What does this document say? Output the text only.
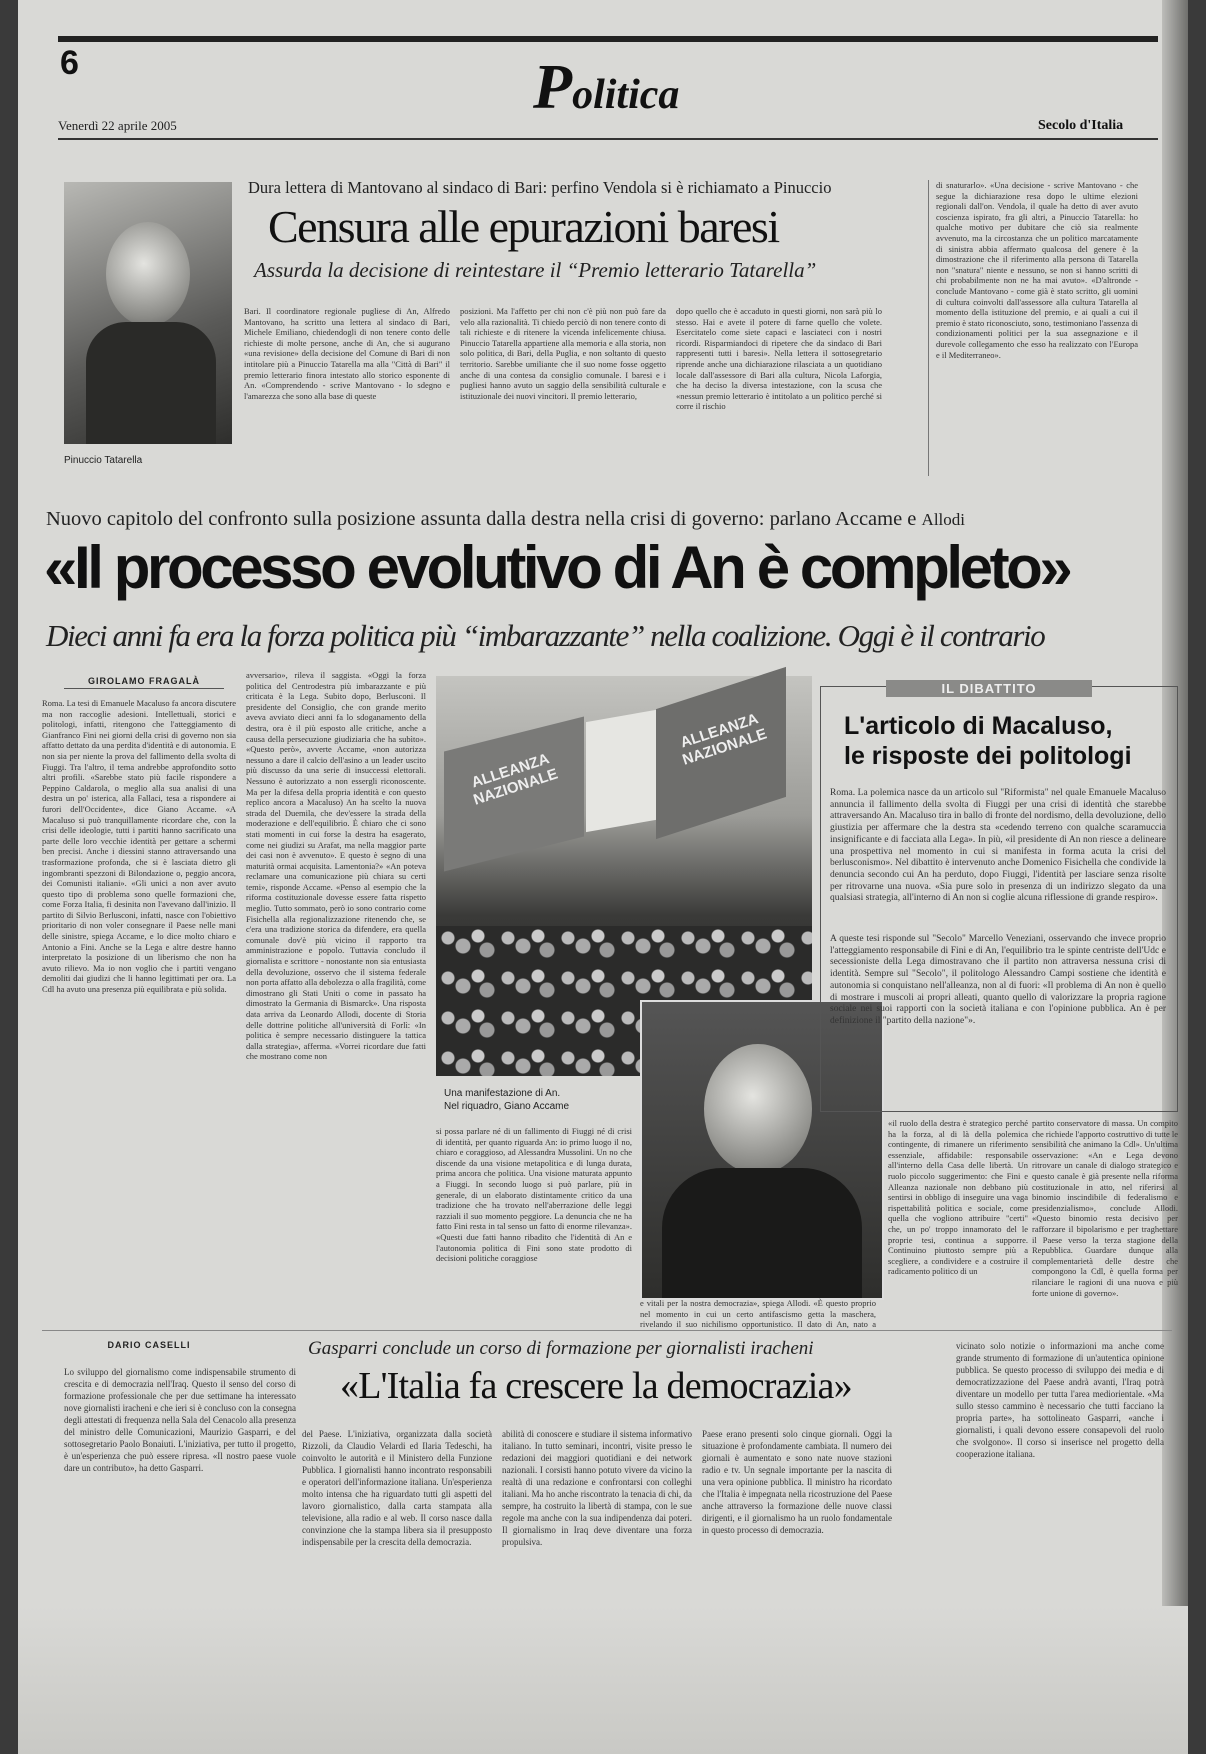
6	Politica
Venerdì 22 aprile 2005	Secolo d'Italia
Pinuccio Tatarella
Dura lettera di Mantovano al sindaco di Bari: perfino Vendola si è richiamato a Pinuccio
Censura alle epurazioni baresi
Assurda la decisione di reintestare il “Premio letterario Tatarella”
Bari. Il coordinatore regionale pugliese di An, Alfredo Mantovano, ha scritto una lettera al sindaco di Bari, Michele Emiliano, chiedendogli di non tenere conto delle richieste di molte persone, anche di An, che si augurano «una revisione» della decisione del Comune di Bari di non intitolare più a Pinuccio Tatarella ma alla "Città di Bari" il premio letterario finora intestato allo storico esponente di An. «Comprendendo - scrive Mantovano - lo sdegno e l'amarezza che sono alla base di queste
posizioni. Ma l'affetto per chi non c'è più non può fare da velo alla razionalità. Ti chiedo perciò di non tenere conto di tali richieste e di ritenere la vicenda infelicemente chiusa. Pinuccio Tatarella appartiene alla memoria e alla storia, non solo politica, di Bari, della Puglia, e non soltanto di questo territorio. Sarebbe umiliante che il suo nome fosse oggetto anche di una contesa da consiglio comunale. I baresi e i pugliesi hanno avuto un saggio della sensibilità culturale e istituzionale dei nuovi vincitori. Il premio letterario,
dopo quello che è accaduto in questi giorni, non sarà più lo stesso. Hai e avete il potere di farne quello che volete. Esercitatelo come siete capaci e lasciateci con i nostri ricordi. Risparmiandoci di ripetere che da sindaco di Bari rappresenti tutti i baresi». Nella lettera il sottosegretario riprende anche una dichiarazione rilasciata a un quotidiano locale dall'assessore di Bari alla cultura, Nicola Laforgia, che ha deciso la diversa intestazione, con la scusa che «nessun premio letterario è intitolato a un politico perché si corre il rischio
di snaturarlo». «Una decisione - scrive Mantovano - che segue la dichiarazione resa dopo le ultime elezioni regionali dall'on. Vendola, il quale ha detto di aver avuto coscienza ispirato, fra gli altri, a Pinuccio Tatarella: ho qualche motivo per dubitare che ciò sia realmente avvenuto, ma la circostanza che un politico marcatamente di sinistra abbia affermato qualcosa del genere è la dimostrazione che il riferimento alla persona di Tatarella non "snatura" niente e nessuno, se non si hanno scritti di chi probabilmente non ne ha mai avuto». «D'altronde - conclude Mantovano - come già è stato scritto, gli uomini di cultura coinvolti dall'assessore alla cultura Tatarella al momento della istituzione del premio, e ai quali a cui il premio è stato riconosciuto, sono, testimoniano l'assenza di condizionamenti politici per la sua assegnazione e il durevole collegamento che esso ha realizzato con l'Europa e il Mediterraneo».
Nuovo capitolo del confronto sulla posizione assunta dalla destra nella crisi di governo: parlano Accame e Allodi
«Il processo evolutivo di An è completo»
Dieci anni fa era la forza politica più “imbarazzante” nella coalizione. Oggi è il contrario
GIROLAMO FRAGALÀ
Roma. La tesi di Emanuele Macaluso fa ancora discutere ma non raccoglie adesioni. Intellettuali, storici e politologi, infatti, ritengono che l'atteggiamento di Gianfranco Fini nei giorni della crisi di governo non sia affatto dettato da una perdita d'identità e di autonomia. E non sia per niente la prova del fallimento della svolta di Fiuggi. Tra l'altro, il tema andrebbe approfondito sotto altri profili. «Sarebbe stato più facile rispondere a Peppino Caldarola, o meglio alla sua analisi di una destra un po' isterica, alla Fallaci, tesa a rispondere ai furori dell'Occidente», dice Giano Accame. «A Macaluso si può tranquillamente ricordare che, con la crisi delle ideologie, tutti i partiti hanno sacrificato una parte delle loro vecchie identità per gettare a schermi ben precisi. Anche i diessini stanno attraversando una trasformazione profonda, che si è lasciata dietro gli ingombranti spezzoni di Bilondazione o, peggio ancora, dei Comunisti italiani». «Gli unici a non aver avuto questo tipo di problema sono quelle formazioni che, come Forza Italia, fi desinita non l'avevano dall'inizio. Il partito di Silvio Berlusconi, infatti, nasce con l'obiettivo prioritario di non voler consegnare il Paese nelle mani delle sinistre, spiega Accame, e lo dice molto chiaro e Antonio a Fini. Anche se la Lega e altre destre hanno interpretato la posizione di un liberismo che non ha avuto rilievo. Ma io non voglio che i partiti vengano demoliti dai giudizi che li hanno legittimati per ora. La Cdl ha avuto una presenza più equilibrata e più solida.
avversario», rileva il saggista. «Oggi la forza politica del Centrodestra più imbarazzante e più criticata è la Lega. Subito dopo, Berlusconi. Il presidente del Consiglio, che con grande merito aveva avviato dieci anni fa lo sdoganamento della destra, ora è il più esposto alle critiche, anche a causa della persecuzione giudiziaria che ha subìto». «Questo però», avverte Accame, «non autorizza nessuno a dare il calcio dell'asino a un leader uscito più discusso da una serie di insuccessi elettorali. Nessuno è autorizzato a non essergli riconoscente. Ma per la difesa della propria identità e con questo replico ancora a Macaluso) An ha scelto la nuova strada del Duemila, che dev'essere la strada della moderazione e dell'equilibrio. È chiaro che ci sono stati momenti in cui forse la destra ha esagerato, come nei giudizi su Arafat, ma nella maggior parte dei casi non è avvenuto». E questo è segno di una maturità ormai acquisita. Lamentonia?» «An poteva reclamare una comunicazione più chiara su certi temi», risponde Accame. «Penso al esempio che la riforma costituzionale dovesse essere fatta rispetto meglio. Tutto sommato, però io sono contrario come Fisichella alla regionalizzazione ritenendo che, se c'era una tradizione storica da difendere, era quella comunale dov'è più vicino il rapporto tra amministrazione e popolo. Tuttavia concludo il giornalista e scrittore - nonostante non sia entusiasta della devoluzione, osservo che il sistema federale non porta affatto alla debolezza o alla fragilità, come dimostrano gli Stati Uniti o come in passato ha dimostrato la Germania di Bismarck». Una risposta data arriva da Leonardo Allodi, docente di Storia delle dottrine politiche all'università di Forlì: «In politica è sempre necessario distinguere la tattica dalla strategia», afferma. «Vorrei ricordare due fatti che mostrano come non
ALLEANZA NAZIONALE
ALLEANZA NAZIONALE
Una manifestazione di An.
Nel riquadro, Giano Accame
si possa parlare né di un fallimento di Fiuggi né di crisi di identità, per quanto riguarda An: io primo luogo il no, chiaro e coraggioso, ad Alessandra Mussolini. Un no che discende da una visione metapolitica e di lunga durata, prima ancora che politica. Una visione maturata appunto a Fiuggi. In secondo luogo si può parlare, più in generale, di un elaborato distintamente critico da una tradizione che ha trovato nell'aberrazione delle leggi razziali il suo momento peggiore. La denuncia che ne ha fatto Fini resta in tal senso un fatto di enorme rilevanza». «Questi due fatti hanno ribadito che l'identità di An e l'autonomia politica di Fini sono state prodotto di decisioni politiche coraggiose
e vitali per la nostra democrazia», spiega Allodi. «È questo proprio nel momento in cui un certo antifascismo getta la maschera, rivelando il suo nichilismo opportunistico. Il dato di An, nato a
«il ruolo della destra è strategico perché ha la forza, al di là della polemica contingente, di rimanere un riferimento essenziale, affidabile: responsabile all'interno della Casa delle libertà. Un ruolo piccolo suggerimento: che Fini e Alleanza nazionale non debbano più sentirsi in obbligo di inseguire una vaga rispettabilità politica e sociale, come quella che vogliono attribuire "certi" che, un po' troppo innamorato del le proprie tesi, continua a supporre. Continuino piuttosto sempre più a scegliere, a condividere e a costruire il radicamento politico di un
partito conservatore di massa. Un compito che richiede l'apporto costruttivo di tutte le sensibilità che animano la Cdl». Un'ultima osservazione: «An e Lega devono ritrovare un canale di dialogo strategico e questo canale è già presente nella riforma costituzionale in atto, nel riferirsi al binomio inscindibile di federalismo e presidenzialismo», conclude Allodi. «Questo binomio resta decisivo per rafforzare il bipolarismo e per traghettare il Paese verso la terza stagione della Repubblica. Guardare dunque alla complementarietà delle destre che compongono la Cdl, è quella forma per rilanciare le ragioni di una nuova e più forte unione di governo».
IL DIBATTITO
L'articolo di Macaluso,
le risposte dei politologi
Roma. La polemica nasce da un articolo sul "Riformista" nel quale Emanuele Macaluso annuncia il fallimento della svolta di Fiuggi per una crisi di identità che starebbe attraversando An. Macaluso tira in ballo di fronte del nordismo, della devoluzione, dello giustizia per affermare che la destra sta «cedendo terreno con qualche scaramuccia insignificante e di facciata alla Lega». In più, «il presidente di An non riesce a delineare una prospettiva nel momento in cui si manifesta in forma acuta la crisi del berlusconismo». Nel dibattito è intervenuto anche Domenico Fisichella che condivide la denuncia secondo cui An ha perduto, dopo Fiuggi, l'identità per lasciare senza risolte per ritrovarne una nuova. «Sia pure solo in presenza di un indirizzo slegato da una qualsiasi strategia, all'interno di An non si coglie alcuna riflessione di grande respiro».
A queste tesi risponde sul "Secolo" Marcello Veneziani, osservando che invece proprio l'atteggiamento responsabile di Fini e di An, l'equilibrio tra le spinte centriste dell'Udc e secessioniste della Lega dimostravano che il partito non attraversa nessuna crisi di identità. Sempre sul "Secolo", il politologo Alessandro Campi sostiene che identità e autonomia si conquistano nell'alleanza, non al di fuori: «Il problema di An non è quello di mostrare i muscoli ai propri alleati, quanto quello di valorizzare la propria ragione sociale nei suoi rapporti con la società italiana e con l'opinione pubblica. An è per definizione il "partito della nazione"».
DARIO CASELLI	Gasparri conclude un corso di formazione per giornalisti iracheni
«L'Italia fa crescere la democrazia»
Lo sviluppo del giornalismo come indispensabile strumento di crescita e di democrazia nell'Iraq. Questo il senso del corso di formazione professionale che per due settimane ha interessato nove giornalisti iracheni e che ieri si è concluso con la consegna degli attestati di frequenza nella Sala del Cenacolo alla presenza del ministro delle Comunicazioni, Maurizio Gasparri, e del sottosegretario Paolo Bonaiuti. L'iniziativa, per tutto il progetto, è un'esperienza che può essere ripresa. «Il nostro paese vuole dare un contributo», ha detto Gasparri.
del Paese. L'iniziativa, organizzata dalla società Rizzoli, da Claudio Velardi ed Ilaria Tedeschi, ha coinvolto le autorità e il Ministero della Funzione Pubblica. I giornalisti hanno incontrato responsabili e operatori dell'informazione italiana. Un'esperienza molto intensa che ha riguardato tutti gli aspetti del lavoro giornalistico, dalla carta stampata alla televisione, alla radio e al web. Il corso nasce dalla convinzione che la stampa libera sia il presupposto indispensabile per la crescita della democrazia.
abilità di conoscere e studiare il sistema informativo italiano. In tutto seminari, incontri, visite presso le redazioni dei maggiori quotidiani e dei network nazionali. I corsisti hanno potuto vivere da vicino la realtà di una redazione e confrontarsi con colleghi italiani. Ma ho anche riscontrato la tenacia di chi, da sempre, ha costruito la libertà di stampa, con le sue regole ma anche con la sua indipendenza dai poteri. Il giornalismo in Iraq deve diventare una forza propulsiva.
Paese erano presenti solo cinque giornali. Oggi la situazione è profondamente cambiata. Il numero dei giornali è aumentato e sono nate nuove stazioni radio e tv. Un segnale importante per la nascita di una vera opinione pubblica. Il ministro ha ricordato che l'Italia è impegnata nella ricostruzione del Paese anche attraverso la formazione delle nuove classi dirigenti, e il giornalismo ha un ruolo fondamentale in questo processo di democrazia.
vicinato solo notizie o informazioni ma anche come grande strumento di formazione di un'autentica opinione pubblica. Se questo processo di sviluppo dei media e di democratizzazione del Paese andrà avanti, l'Iraq potrà diventare un modello per tutta l'area mediorientale. «Ma sullo stesso cammino è necessario che tutti facciano la propria parte», ha sottolineato Gasparri, «anche i giornalisti, i quali devono essere consapevoli del ruolo che svolgono». Il corso si inserisce nel progetto della cooperazione italiana.
